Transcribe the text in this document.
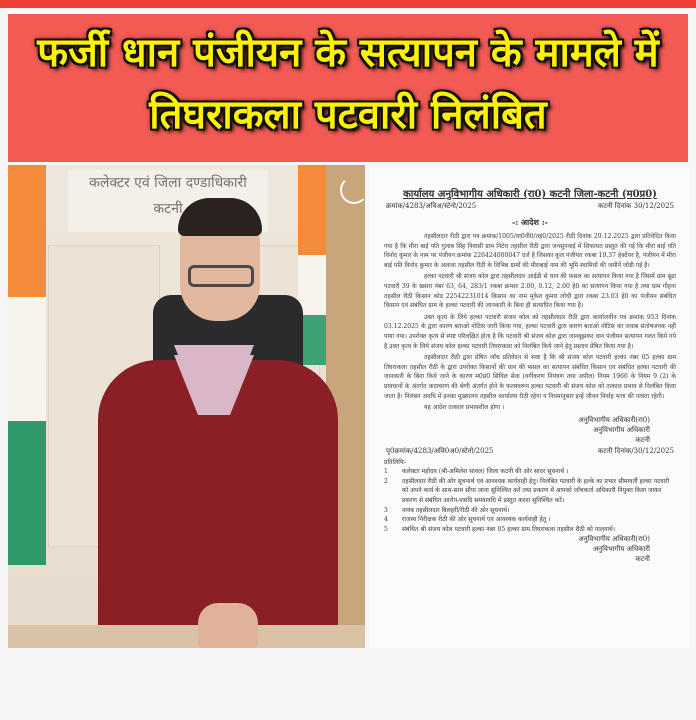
फर्जी धान पंजीयन के सत्यापन के मामले में
तिघराकला पटवारी निलंबित
कलेक्टर एवं जिला दण्डाधिकारी
कटनी
कार्यालय अनुविभागीय अधिकारी (रा0) कटनी जिला-कटनी (म0प्र0)
क्रमांक/4283/अविअ/स्टेनो/2025	कटनी दिनांक 30/12/2025
-: आदेश :-

तहसीलदार रीठी द्वारा पत्र क्रमांक/1005/वा0नी0/तह0/2025 रीठी दिनांक 29.12.2025 द्वारा प्रतिवेदित किया गया है कि मीरा बाई पति गुलाब सिंह निवासी ग्राम निटेरा तहसील रीठी द्वारा जनसुनवाई में शिकायत प्रस्तुत की गई कि मीरा बाई पति विनोद कुमार के नाम पर पंजीयन क्रमांक 226424000047 दर्ज है जिसका कुल पंजीयत रकबा 19.37 हेक्टेयर है, पंजीयन में मीरा बाई पति विनोद कुमार के अलावा तहसील रीठी के विभिन्न ग्रामों की मीराबाई नाम की भूमि स्वामियों की जमीनें जोडी गई है।

हल्का पटवारी श्री संजय कोल द्वारा तहसीलदार आईडी से धान की फसल का सत्यापन किया गया है जिसमें ग्राम बूढा पटवारी 39 के खसरा नंबर 63, 64, 283/1 रकबा क्रमशः 2.00, 0.12, 2.00 हे0 का सत्यापन किया गया है तथा ग्राम गौहना तहसील रीठी किसान कोड 22542231014 किसान का नाम मुकेश कुमार लोधी द्वारा रकबा 23.03 हे0 का पंजीयन संबंधित किसान एवं संबंधित ग्राम के हल्का पटवारी की जानकारी के बिना ही सत्यापित किया गया है।

उक्त कृत्य के लिये हल्का पटवारी संजय कोल को तहसीलदार रीठी द्वारा कार्यालयीन पत्र क्रमांक 953 दिनांक 03.12.2025 के द्वारा कारण बताओ नोटिस जारी किया गया, हल्का पटवारी द्वारा कारण बताओ नोटिस का जवाब संतोषजनक नहीं पाया गया। उपरोक्त कृत्य से स्पष्ट परिलक्षित होता है कि पटवारी श्री संजय कोल द्वारा जानबूझकर धान पंजीयन सत्यापन गलत किये गये है उक्त कृत्य के लिये संजय कोल हल्का पटवारी तिघराकला को निलंबित किये जाने हेतु प्रस्ताव प्रेषित किया गया है।

तहसीलदार रीठी द्वारा प्रेषित जाँच प्रतिवेदन से स्पष्ट है कि श्री संजय कोल पटवारी हल्का नंबर 05 हल्का ग्राम तिघराकला तहसील रीठी के द्वारा उपरोक्त किसानों की धान की फसल का सत्यापन संबंधित किसान एवं संबंधित हल्का पटवारी की जानकारी के बिना किये जाने के कारण म0प्र0 सिविल सेवा (वर्गीकरण नियंत्रण तथा अपील) नियम 1966 के नियम 9 (2) के प्रावधानों के अंतर्गत कदाचरण की श्रेणी अंतर्गत होने के फलस्वरूप हल्का पटवारी श्री संजय कोल को तत्काल प्रभाव से निलंबित किया जाता है। निलंबन अवधि में इनका मुख्यालय तहसील कार्यालय रीठी रहेगा व नियमानुसार इन्हें जीवन निर्वाह भत्ता की पात्रता रहेगी।

यह आदेश तत्काल प्रभावशील होगा ।

अनुविभागीय अधिकारी(रा0)
अनुविभागीय अधिकारी
कटनी
पृ0क्रमांक/4283/अवि0अ0/स्टेनो/2025	कटनी दिनांक/30/12/2025
प्रतिलिपिः-
1 कलेक्टर महोदय (श्री-अमिलेश सावल) जिला कटनी की ओर सादर सूचनार्थ ।
2 तहसीलदार रीठी की ओर सूचनार्थ एवं आवश्यक कार्यवाही हेतु। निलंबित पटवारी के हल्के का प्रभार सीमावर्ती हल्का पटवारी को अपने कार्य के साथ-साथ सौंपा जाना सुनिश्चित करें तथा प्रकरण में आपको जाँचकर्ता अधिकारी नियुक्त किया जाकर प्रकरण से संबंधित आरोप-पत्रादि समयावधि में प्रस्तुत करना सुनिश्चित करें।
3 नायब तहसीलदार बिलहरी/रीठी की ओर सूचनार्थ।
4 राजस्व निरीक्षक रीठी की ओर सूचनार्थ एवं आवश्यक कार्यवाही हेतु ।
5 संबंधित श्री संजय कोल पटवारी हल्का नंबर 05 हल्का ग्राम तिघराकला तहसील रीठी को पालनार्थ।
अनुविभागीय अधिकारी(रा0)
अनुविभागीय अधिकारी
कटनी
